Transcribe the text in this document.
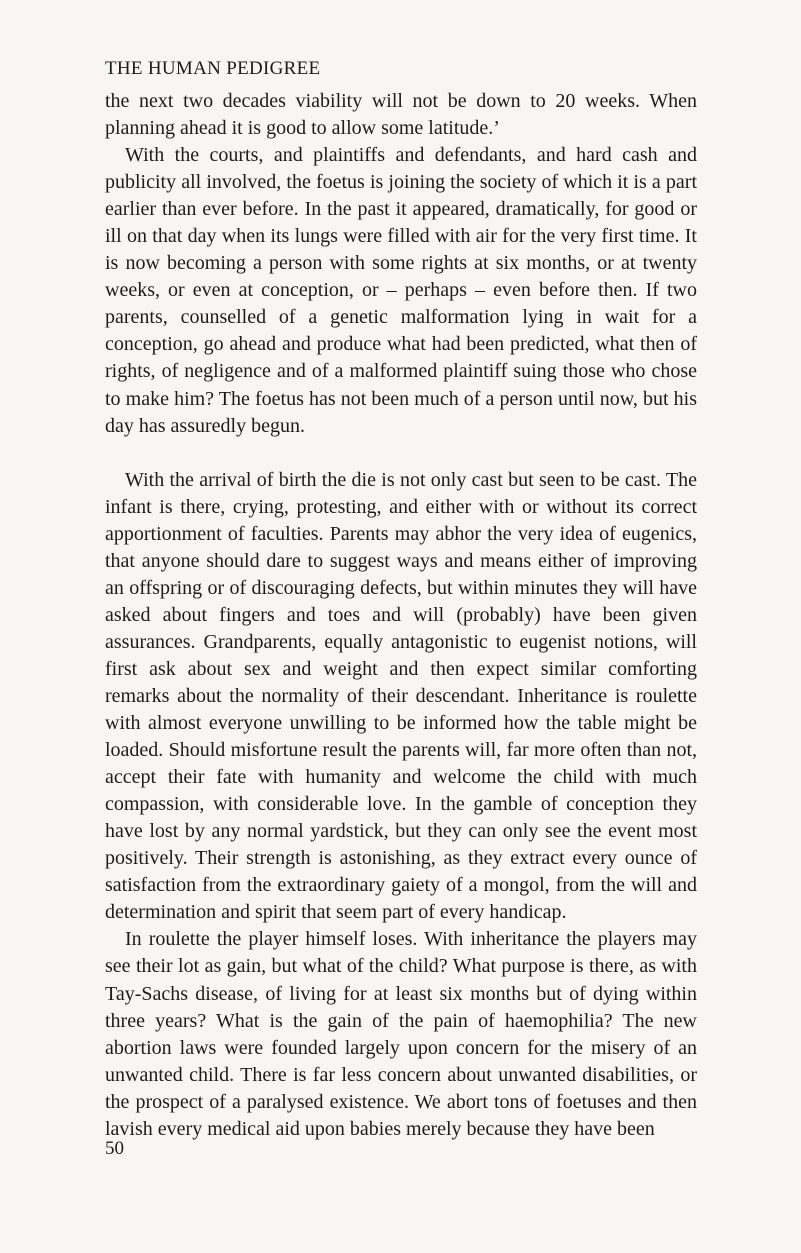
THE HUMAN PEDIGREE

the next two decades viability will not be down to 20 weeks. When planning ahead it is good to allow some latitude.’

With the courts, and plaintiffs and defendants, and hard cash and publicity all involved, the foetus is joining the society of which it is a part earlier than ever before. In the past it appeared, dramatically, for good or ill on that day when its lungs were filled with air for the very first time. It is now becoming a person with some rights at six months, or at twenty weeks, or even at conception, or – perhaps – even before then. If two parents, counselled of a genetic malformation lying in wait for a conception, go ahead and produce what had been predicted, what then of rights, of negligence and of a malformed plaintiff suing those who chose to make him? The foetus has not been much of a person until now, but his day has assuredly begun.

With the arrival of birth the die is not only cast but seen to be cast. The infant is there, crying, protesting, and either with or without its correct apportionment of faculties. Parents may abhor the very idea of eugenics, that anyone should dare to suggest ways and means either of improving an offspring or of discouraging defects, but within minutes they will have asked about fingers and toes and will (probably) have been given assurances. Grandparents, equally antagonistic to eugenist notions, will first ask about sex and weight and then expect similar comforting remarks about the normality of their descendant. Inheritance is roulette with almost everyone unwilling to be informed how the table might be loaded. Should misfortune result the parents will, far more often than not, accept their fate with humanity and welcome the child with much compassion, with considerable love. In the gamble of conception they have lost by any normal yardstick, but they can only see the event most positively. Their strength is astonishing, as they extract every ounce of satisfaction from the extraordinary gaiety of a mongol, from the will and determination and spirit that seem part of every handicap.

In roulette the player himself loses. With inheritance the players may see their lot as gain, but what of the child? What purpose is there, as with Tay-Sachs disease, of living for at least six months but of dying within three years? What is the gain of the pain of haemophilia? The new abortion laws were founded largely upon concern for the misery of an unwanted child. There is far less concern about unwanted disabilities, or the prospect of a paralysed existence. We abort tons of foetuses and then lavish every medical aid upon babies merely because they have been

50
